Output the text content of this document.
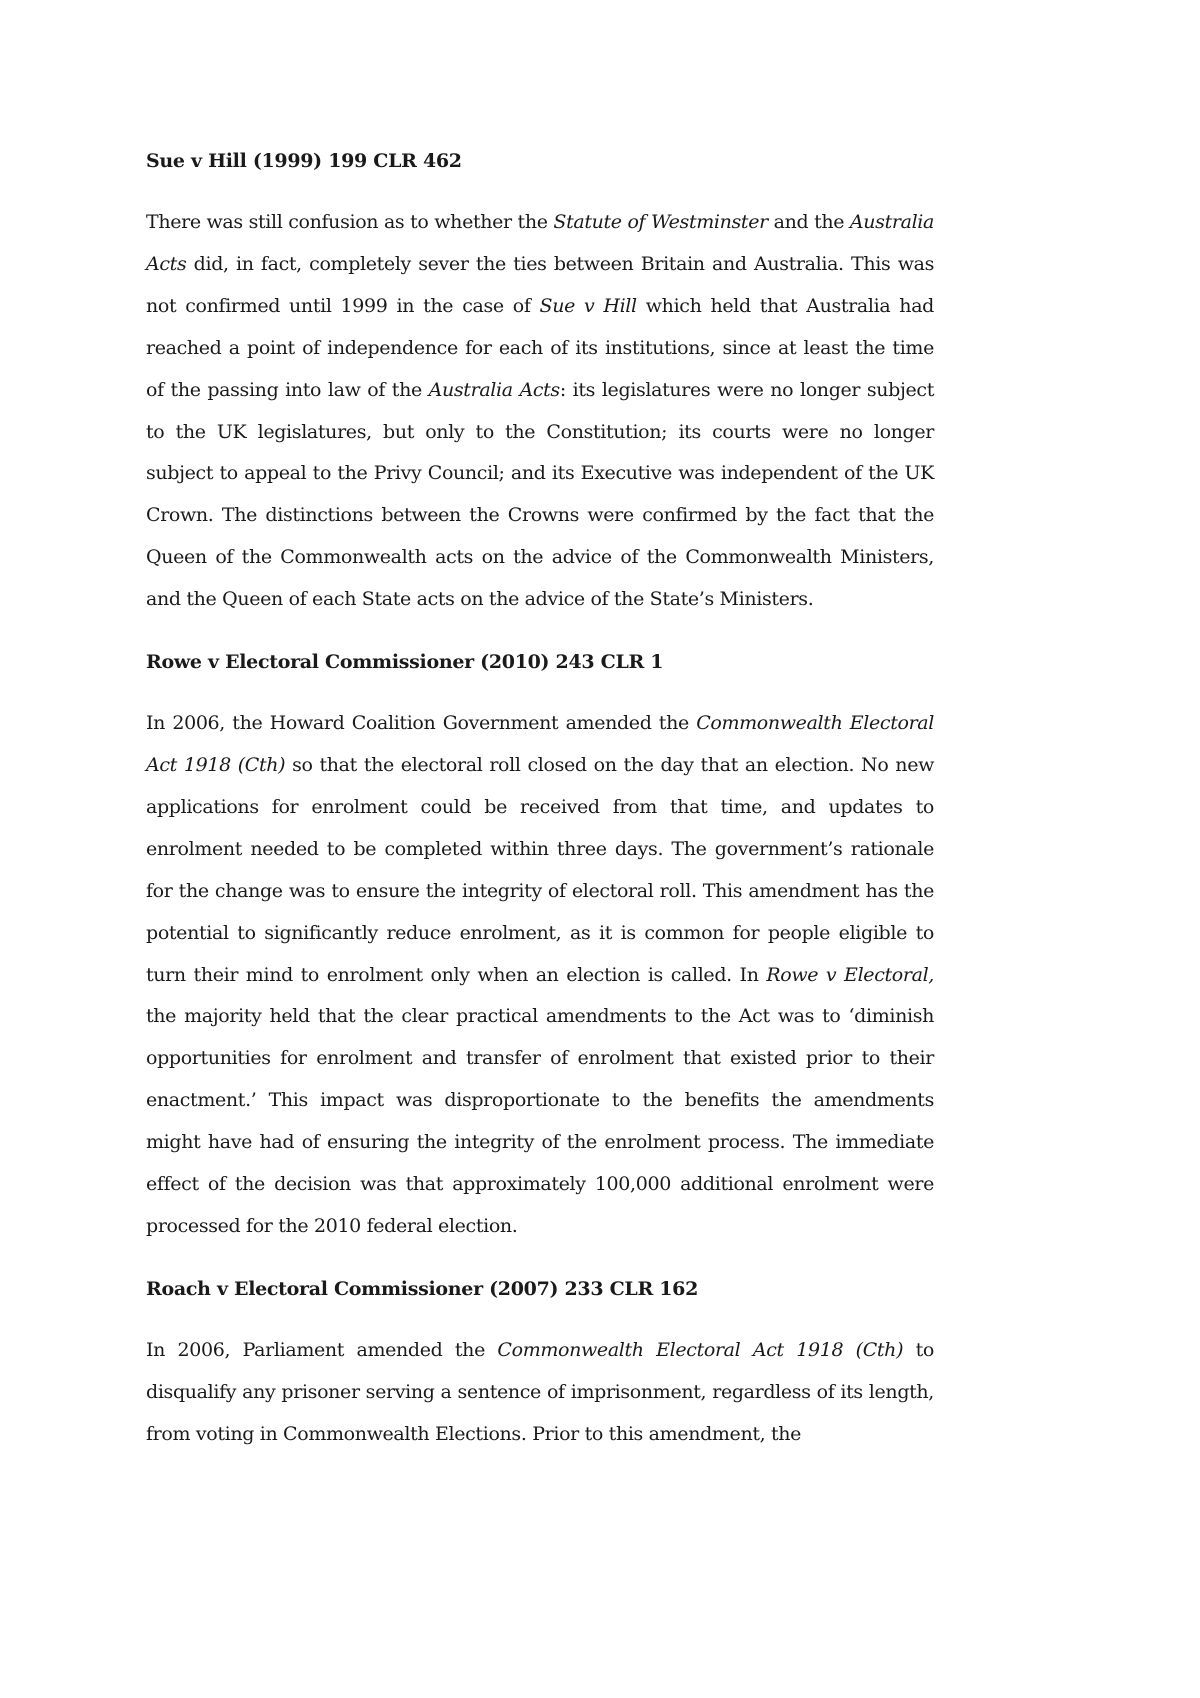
Sue v Hill (1999) 199 CLR 462

There was still confusion as to whether the Statute of Westminster and the Australia Acts did, in fact, completely sever the ties between Britain and Australia. This was not confirmed until 1999 in the case of Sue v Hill which held that Australia had reached a point of independence for each of its institutions, since at least the time of the passing into law of the Australia Acts: its legislatures were no longer subject to the UK legislatures, but only to the Constitution; its courts were no longer subject to appeal to the Privy Council; and its Executive was independent of the UK Crown. The distinctions between the Crowns were confirmed by the fact that the Queen of the Commonwealth acts on the advice of the Commonwealth Ministers, and the Queen of each State acts on the advice of the State’s Ministers.

Rowe v Electoral Commissioner (2010) 243 CLR 1

In 2006, the Howard Coalition Government amended the Commonwealth Electoral Act 1918 (Cth) so that the electoral roll closed on the day that an election. No new applications for enrolment could be received from that time, and updates to enrolment needed to be completed within three days. The government’s rationale for the change was to ensure the integrity of electoral roll. This amendment has the potential to significantly reduce enrolment, as it is common for people eligible to turn their mind to enrolment only when an election is called. In Rowe v Electoral, the majority held that the clear practical amendments to the Act was to ‘diminish opportunities for enrolment and transfer of enrolment that existed prior to their enactment.’ This impact was disproportionate to the benefits the amendments might have had of ensuring the integrity of the enrolment process. The immediate effect of the decision was that approximately 100,000 additional enrolment were processed for the 2010 federal election.

Roach v Electoral Commissioner (2007) 233 CLR 162

In 2006, Parliament amended the Commonwealth Electoral Act 1918 (Cth) to disqualify any prisoner serving a sentence of imprisonment, regardless of its length, from voting in Commonwealth Elections. Prior to this amendment, the
